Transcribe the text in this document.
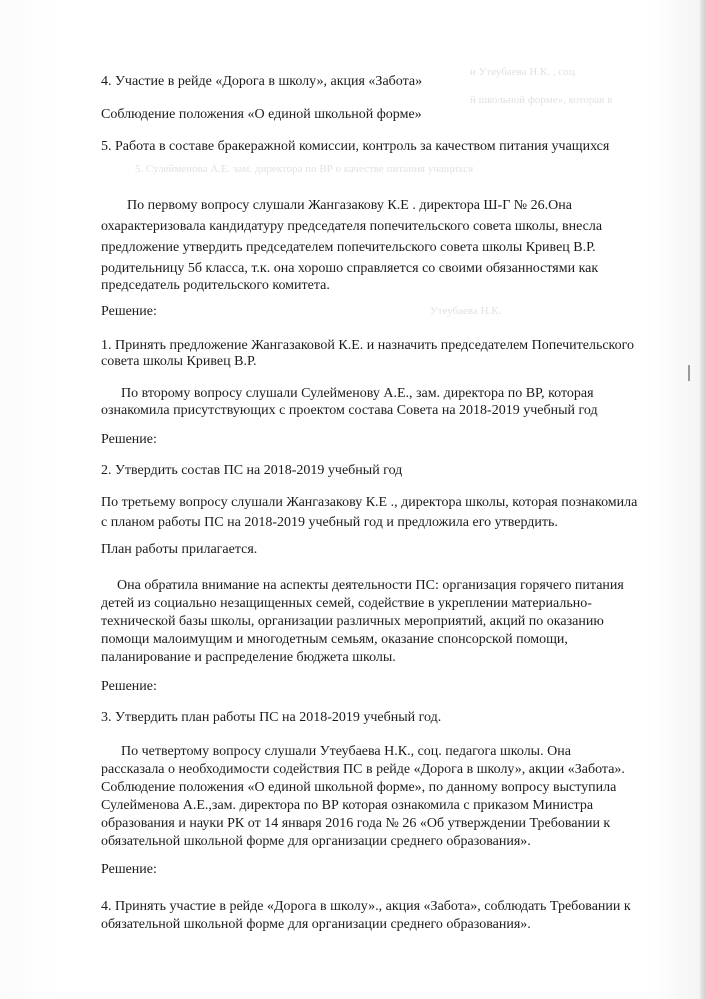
и Утеубаева Н.К. , соц.
й школьной форме», которая в
5. Сулейменова А.Е. зам. директора по ВР о качестве питания учащихся
Утеубаева Н.К.
4. Участие в рейде «Дорога в школу», акция «Забота»
Соблюдение положения «О единой школьной форме»
5. Работа в составе бракеражной комиссии, контроль за качеством питания учащихся
По первому вопросу слушали Жангазакову К.Е . директора Ш-Г № 26.Она
охарактеризовала кандидатуру председателя попечительского совета школы, внесла
предложение утвердить председателем попечительского совета школы Кривец В.Р.
родительницу 5б класса, т.к. она хорошо справляется со своими обязанностями как
председатель родительского комитета.
Решение:
1. Принять предложение Жангазаковой К.Е. и назначить председателем Попечительского
совета школы Кривец В.Р.
По второму вопросу слушали Сулейменову А.Е., зам. директора по ВР, которая
ознакомила присутствующих с проектом состава Совета на 2018-2019 учебный год
Решение:
2. Утвердить состав ПС на 2018-2019 учебный год
По третьему вопросу слушали Жангазакову К.Е ., директора школы, которая познакомила
с планом работы ПС на 2018-2019 учебный год и предложила его утвердить.
План работы прилагается.
Она обратила внимание на аспекты деятельности ПС: организация горячего питания
детей из социально незащищенных семей, содействие в укреплении материально-
технической базы школы, организации различных мероприятий, акций по оказанию
помощи малоимущим и многодетным семьям, оказание спонсорской помощи,
паланирование и распределение бюджета школы.
Решение:
3. Утвердить план работы ПС на 2018-2019 учебный год.
По четвертому вопросу слушали Утеубаева Н.К., соц. педагога школы. Она
рассказала о необходимости содействия ПС в рейде «Дорога в школу», акции «Забота».
Соблюдение положения «О единой школьной форме», по данному вопросу выступила
Сулейменова А.Е.,зам. директора по ВР которая ознакомила с приказом Министра
образования и науки РК от 14 января 2016 года № 26 «Об утверждении Требовании к
обязательной школьной форме для организации среднего образования».
Решение:
4. Принять участие в рейде «Дорога в школу»., акция «Забота», соблюдать Требовании к
обязательной школьной форме для организации среднего образования».
